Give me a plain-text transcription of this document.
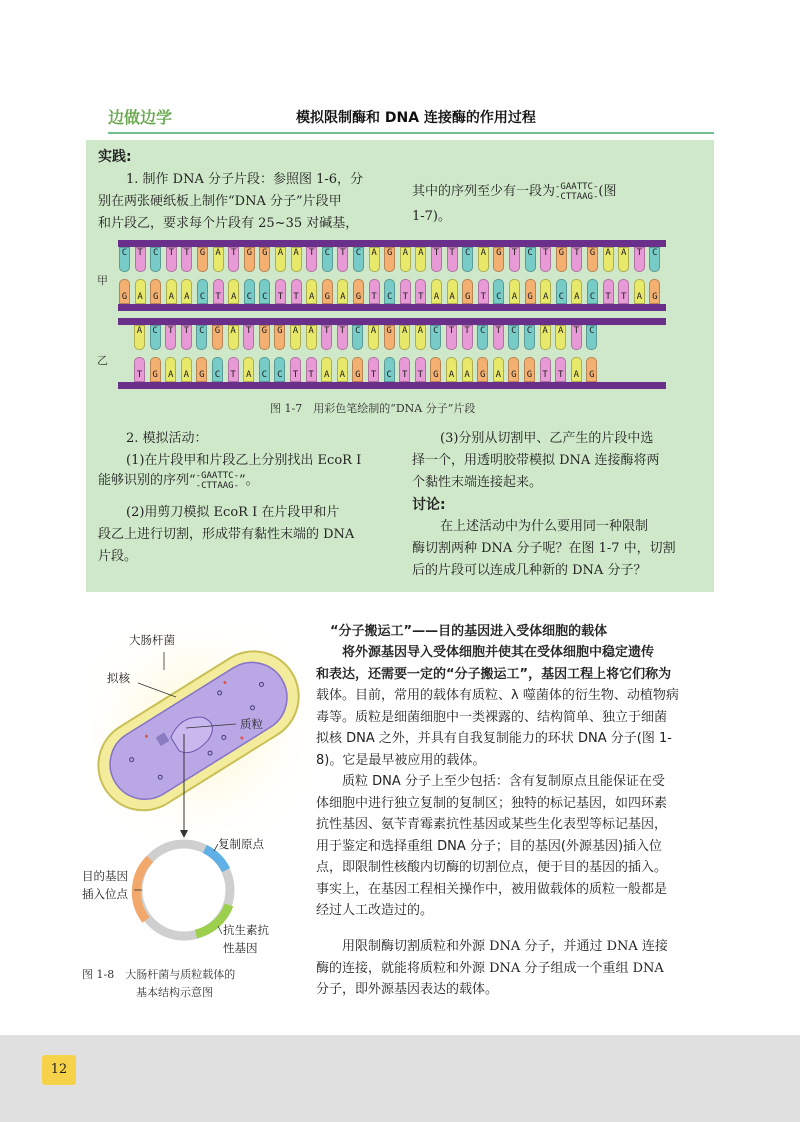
边做边学	模拟限制酶和 DNA 连接酶的作用过程
实践:
1. 制作 DNA 分子片段：参照图 1-6，分
别在两张硬纸板上制作“DNA 分子”片段甲
和片段乙，要求每个片段有 25~35 对碱基，
其中的序列至少有一段为-GAATTC-
-CTTAAG-(图
1-7)。
C	T	C	T	T	G	A	T	G	G	A	A	T	C	T	C	A	G	A	A	T	T	C	A	G	T	C	T	G	T	G	A	A	T	C
G	A	G	A	A	C	T	A	C	C	T	T	A	G	A	G	T	C	T	T	A	A	G	T	C	A	G	A	C	A	C	T	T	A	G
A	C	T	T	C	G	A	T	G	G	A	A	T	T	C	A	G	A	A	C	T	T	C	T	C	C	A	A	T	C
T	G	A	A	G	C	T	A	C	C	T	T	A	A	G	T	C	T	T	G	A	A	G	A	G	G	T	T	A	G
甲
乙
图 1-7　用彩色笔绘制的“DNA 分子”片段
2. 模拟活动：
(1)在片段甲和片段乙上分别找出 EcoR Ⅰ
能够识别的序列“-GAATTC-
-CTTAAG-”。
(2)用剪刀模拟 EcoR Ⅰ 在片段甲和片
段乙上进行切割，形成带有黏性末端的 DNA
片段。
(3)分别从切割甲、乙产生的片段中选
择一个，用透明胶带模拟 DNA 连接酶将两
个黏性末端连接起来。
讨论:
在上述活动中为什么要用同一种限制
酶切割两种 DNA 分子呢？在图 1-7 中，切割
后的片段可以连成几种新的 DNA 分子？
大肠杆菌
拟核
质粒
复制原点
目的基因
插入位点
抗生素抗
性基因
图 1-8　大肠杆菌与质粒载体的
基本结构示意图
“分子搬运工”——目的基因进入受体细胞的载体
将外源基因导入受体细胞并使其在受体细胞中稳定遗传
和表达，还需要一定的“分子搬运工”，基因工程上将它们称为
载体。目前，常用的载体有质粒、λ 噬菌体的衍生物、动植物病
毒等。质粒是细菌细胞中一类裸露的、结构简单、独立于细菌
拟核 DNA 之外，并具有自我复制能力的环状 DNA 分子(图 1-
8)。它是最早被应用的载体。
质粒 DNA 分子上至少包括：含有复制原点且能保证在受
体细胞中进行独立复制的复制区；独特的标记基因，如四环素
抗性基因、氨苄青霉素抗性基因或某些生化表型等标记基因，
用于鉴定和选择重组 DNA 分子；目的基因(外源基因)插入位
点，即限制性核酸内切酶的切割位点，便于目的基因的插入。
事实上，在基因工程相关操作中，被用做载体的质粒一般都是
经过人工改造过的。
用限制酶切割质粒和外源 DNA 分子，并通过 DNA 连接
酶的连接，就能将质粒和外源 DNA 分子组成一个重组 DNA
分子，即外源基因表达的载体。
12
